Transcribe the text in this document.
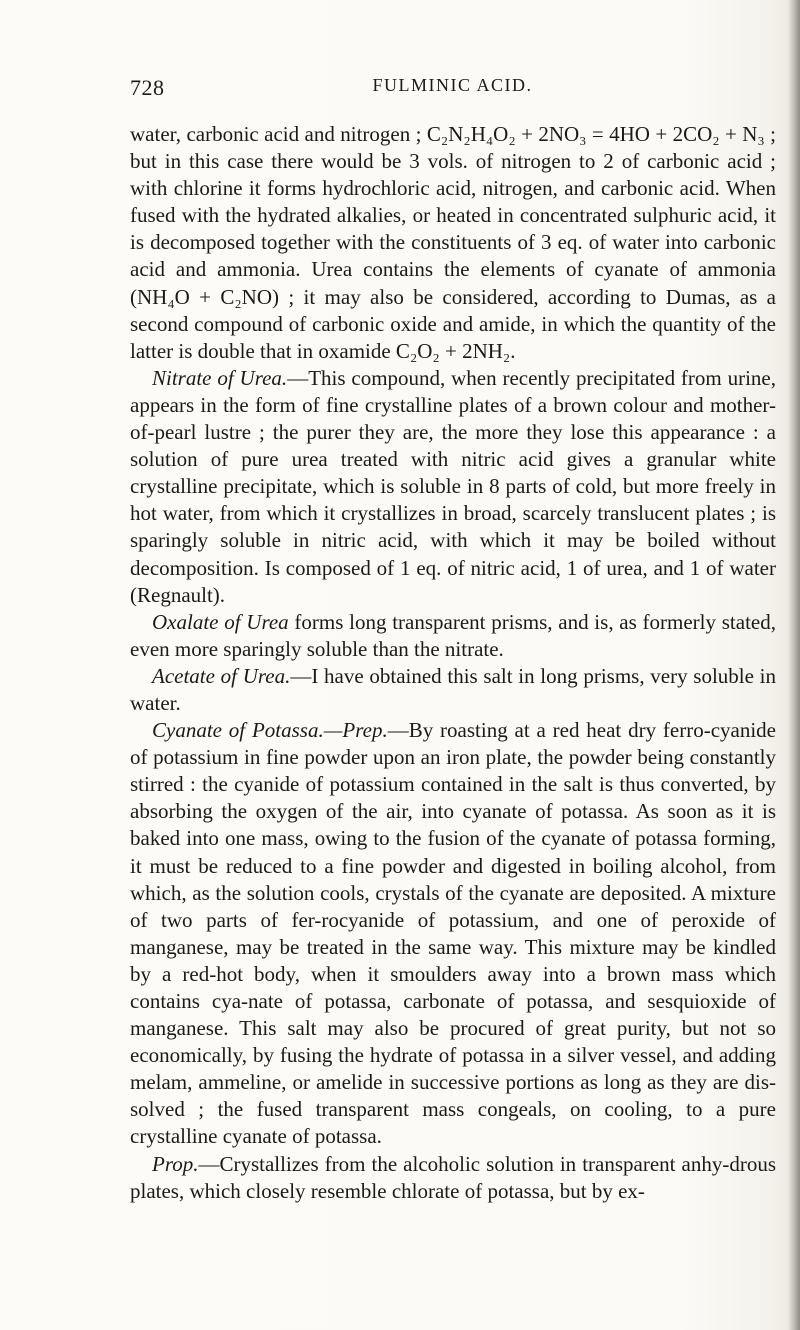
728	FULMINIC ACID.

water, carbonic acid and nitrogen ; C₂N₂H₄O₂ + 2NO₃ = 4HO + 2CO₂ + N₃ ; but in this case there would be 3 vols. of nitrogen to 2 of carbonic acid ; with chlorine it forms hydrochloric acid, nitrogen, and carbonic acid. When fused with the hydrated alkalies, or heated in concentrated sulphuric acid, it is decomposed together with the constituents of 3 eq. of water into carbonic acid and ammonia. Urea contains the elements of cyanate of ammonia (NH₄O + C₂NO) ; it may also be considered, according to Dumas, as a second compound of carbonic oxide and amide, in which the quantity of the latter is double that in oxamide C₂O₂ + 2NH₂.

Nitrate of Urea.—This compound, when recently precipitated from urine, appears in the form of fine crystalline plates of a brown colour and mother-of-pearl lustre ; the purer they are, the more they lose this appearance : a solution of pure urea treated with nitric acid gives a granular white crystalline precipitate, which is soluble in 8 parts of cold, but more freely in hot water, from which it crystallizes in broad, scarcely translucent plates ; is sparingly soluble in nitric acid, with which it may be boiled without decomposition. Is composed of 1 eq. of nitric acid, 1 of urea, and 1 of water (Regnault).

Oxalate of Urea forms long transparent prisms, and is, as formerly stated, even more sparingly soluble than the nitrate.

Acetate of Urea.—I have obtained this salt in long prisms, very soluble in water.

Cyanate of Potassa.—Prep.—By roasting at a red heat dry ferro-cyanide of potassium in fine powder upon an iron plate, the powder being constantly stirred : the cyanide of potassium contained in the salt is thus converted, by absorbing the oxygen of the air, into cyanate of potassa. As soon as it is baked into one mass, owing to the fusion of the cyanate of potassa forming, it must be reduced to a fine powder and digested in boiling alcohol, from which, as the solution cools, crystals of the cyanate are deposited. A mixture of two parts of fer-rocyanide of potassium, and one of peroxide of manganese, may be treated in the same way. This mixture may be kindled by a red-hot body, when it smoulders away into a brown mass which contains cya-nate of potassa, carbonate of potassa, and sesquioxide of manganese. This salt may also be procured of great purity, but not so economically, by fusing the hydrate of potassa in a silver vessel, and adding melam, ammeline, or amelide in successive portions as long as they are dis-solved ; the fused transparent mass congeals, on cooling, to a pure crystalline cyanate of potassa.

Prop.—Crystallizes from the alcoholic solution in transparent anhy-drous plates, which closely resemble chlorate of potassa, but by ex-
